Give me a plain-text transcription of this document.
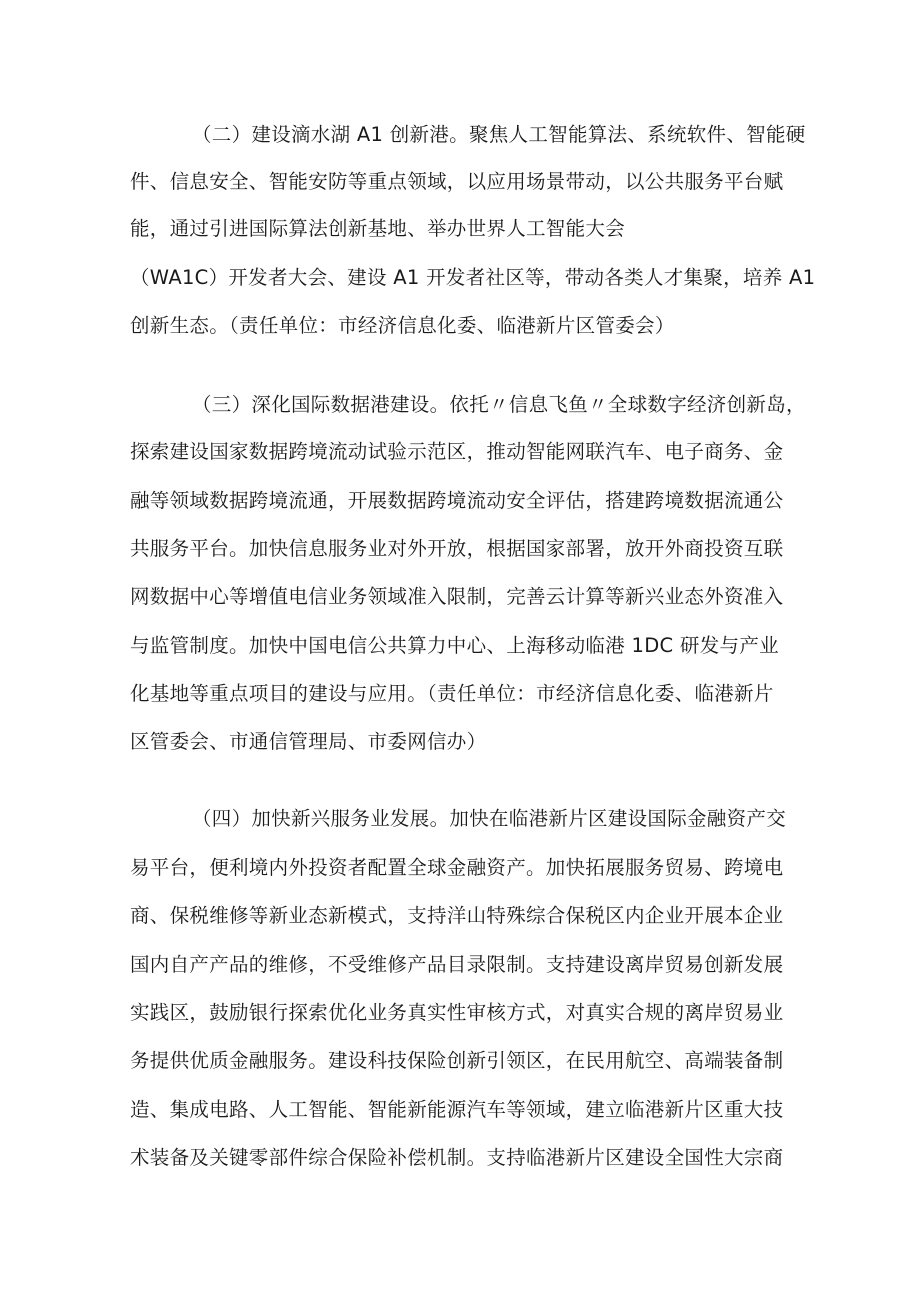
（二）建设滴水湖 A1 创新港。聚焦人工智能算法、系统软件、智能硬
件、信息安全、智能安防等重点领域，以应用场景带动，以公共服务平台赋
能，通过引进国际算法创新基地、举办世界人工智能大会
（WA1C）开发者大会、建设 A1 开发者社区等，带动各类人才集聚，培养 A1
创新生态。（责任单位：市经济信息化委、临港新片区管委会）
（三）深化国际数据港建设。依托〃信息飞鱼〃全球数字经济创新岛，
探索建设国家数据跨境流动试验示范区，推动智能网联汽车、电子商务、金
融等领域数据跨境流通，开展数据跨境流动安全评估，搭建跨境数据流通公
共服务平台。加快信息服务业对外开放，根据国家部署，放开外商投资互联
网数据中心等增值电信业务领域准入限制，完善云计算等新兴业态外资准入
与监管制度。加快中国电信公共算力中心、上海移动临港 1DC 研发与产业
化基地等重点项目的建设与应用。（责任单位：市经济信息化委、临港新片
区管委会、市通信管理局、市委网信办）
（四）加快新兴服务业发展。加快在临港新片区建设国际金融资产交
易平台，便利境内外投资者配置全球金融资产。加快拓展服务贸易、跨境电
商、保税维修等新业态新模式，支持洋山特殊综合保税区内企业开展本企业
国内自产产品的维修，不受维修产品目录限制。支持建设离岸贸易创新发展
实践区，鼓励银行探索优化业务真实性审核方式，对真实合规的离岸贸易业
务提供优质金融服务。建设科技保险创新引领区，在民用航空、高端装备制
造、集成电路、人工智能、智能新能源汽车等领域，建立临港新片区重大技
术装备及关键零部件综合保险补偿机制。支持临港新片区建设全国性大宗商
